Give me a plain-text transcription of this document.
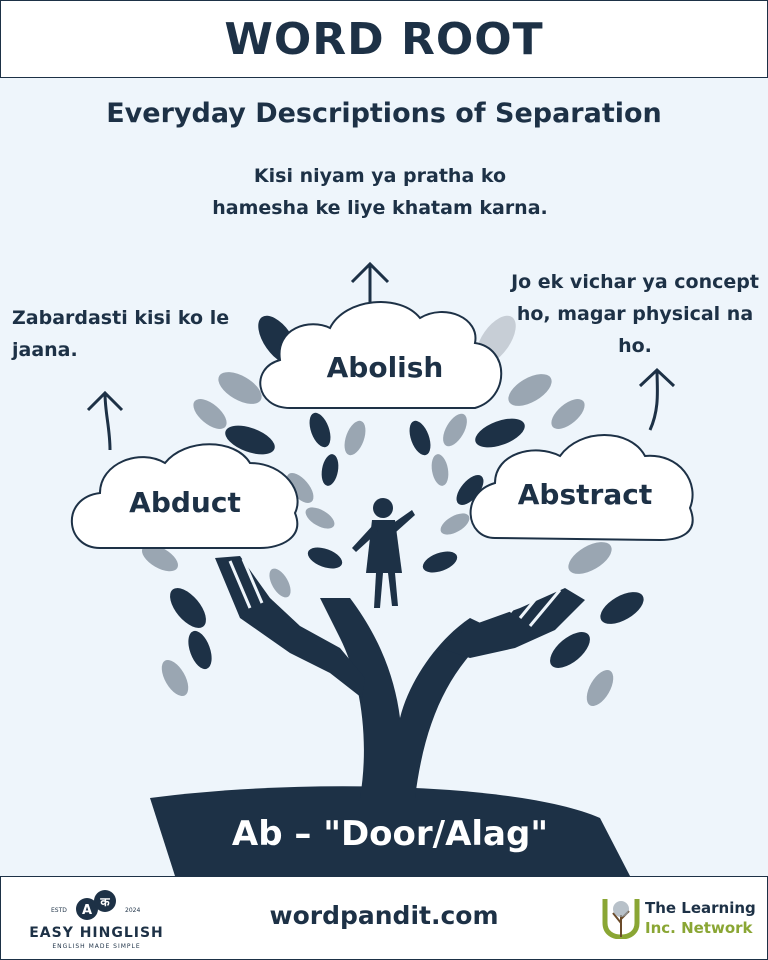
WORD ROOT
Everyday Descriptions of Separation
Kisi niyam ya pratha ko hamesha ke liye khatam karna.
Zabardasti kisi ko le jaana.
Jo ek vichar ya concept ho, magar physical na ho.
Abolish
Abduct	Abstract
Ab – "Door/Alag"
A
क
ESTD	2024
EASY HINGLISH
ENGLISH MADE SIMPLE
wordpandit.com	The Learning
Inc. Network
